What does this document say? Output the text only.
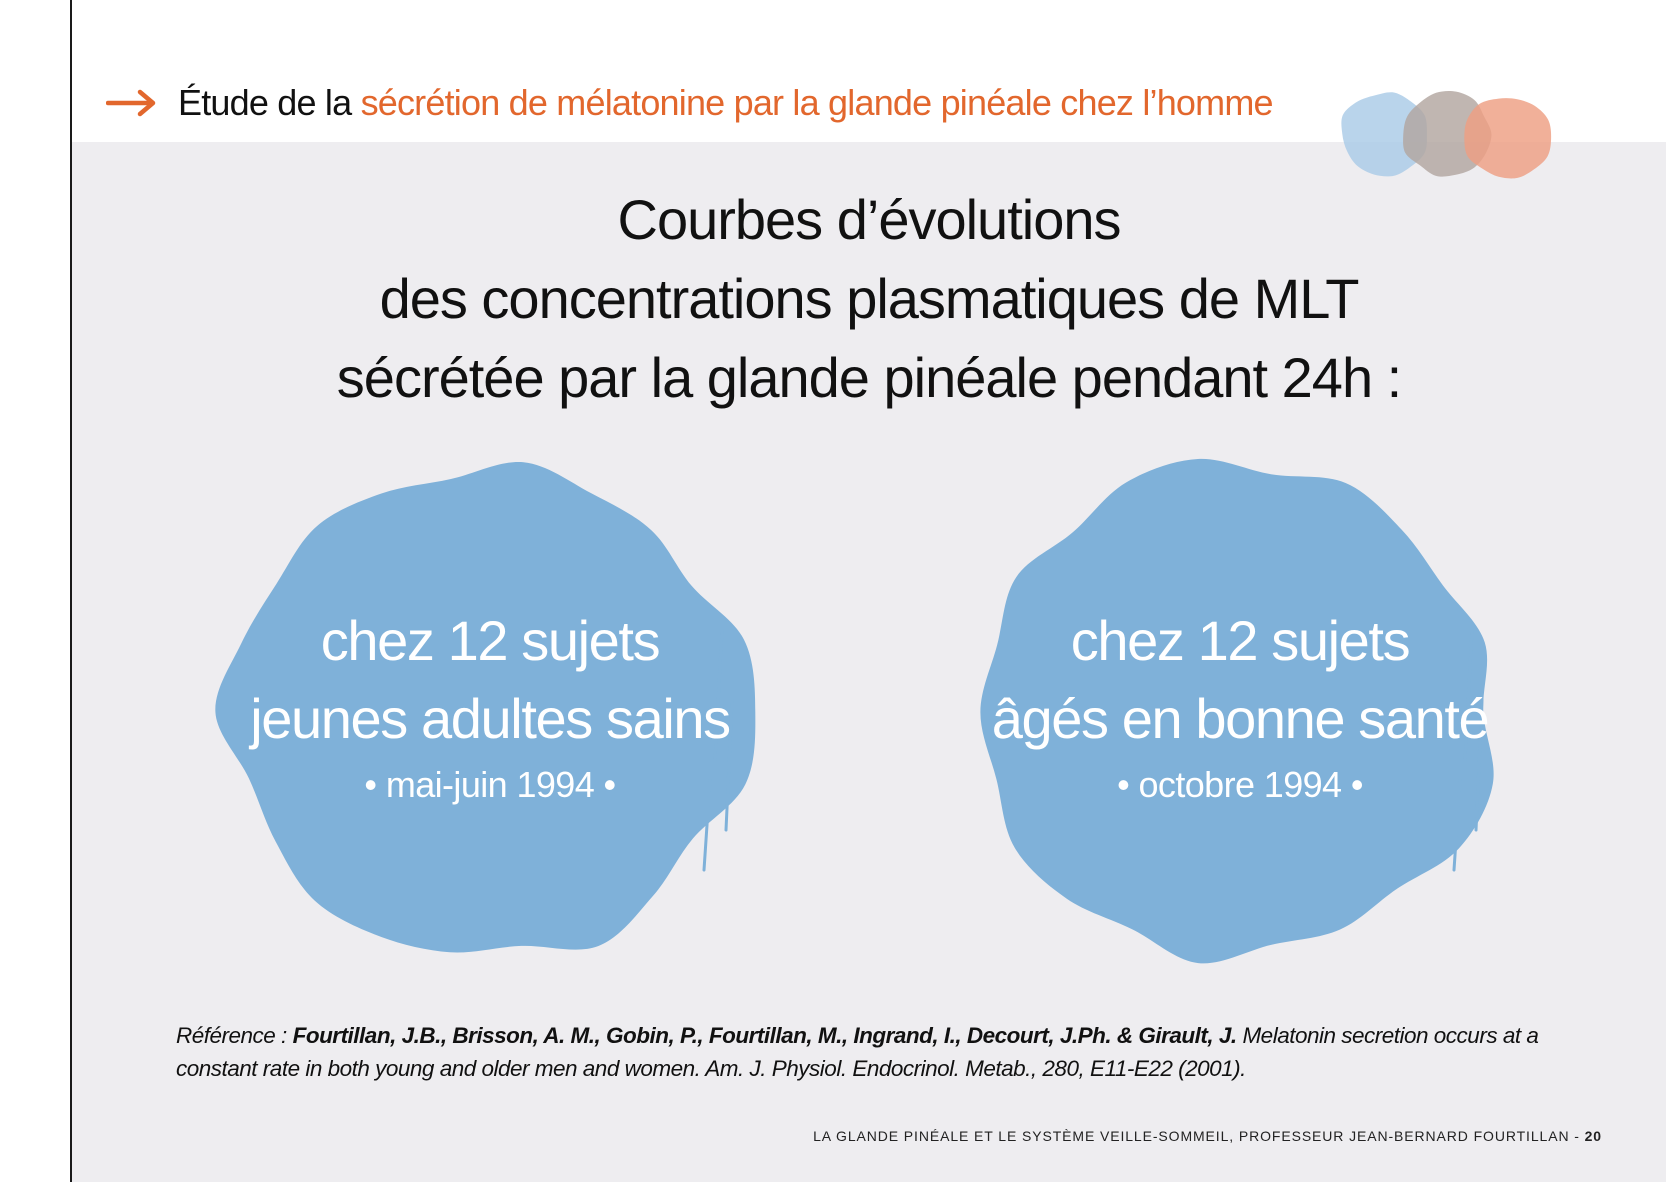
Étude de la
sécrétion de mélatonine par la glande pinéale chez l’homme
Courbes d’évolutions
des concentrations plasmatiques de MLT
sécrétée par la glande pinéale pendant 24h :
chez 12 sujets
jeunes adultes sains
• mai-juin 1994 •
chez 12 sujets
âgés en bonne santé
• octobre 1994 •
Référence : Fourtillan, J.B., Brisson, A. M., Gobin, P., Fourtillan, M., Ingrand, I., Decourt, J.Ph. & Girault, J. Melatonin secretion occurs at a constant rate in both young and older men and women. Am. J. Physiol. Endocrinol. Metab., 280, E11-E22 (2001).
LA GLANDE PINÉALE ET LE SYSTÈME VEILLE-SOMMEIL, PROFESSEUR JEAN-BERNARD FOURTILLAN - 20
